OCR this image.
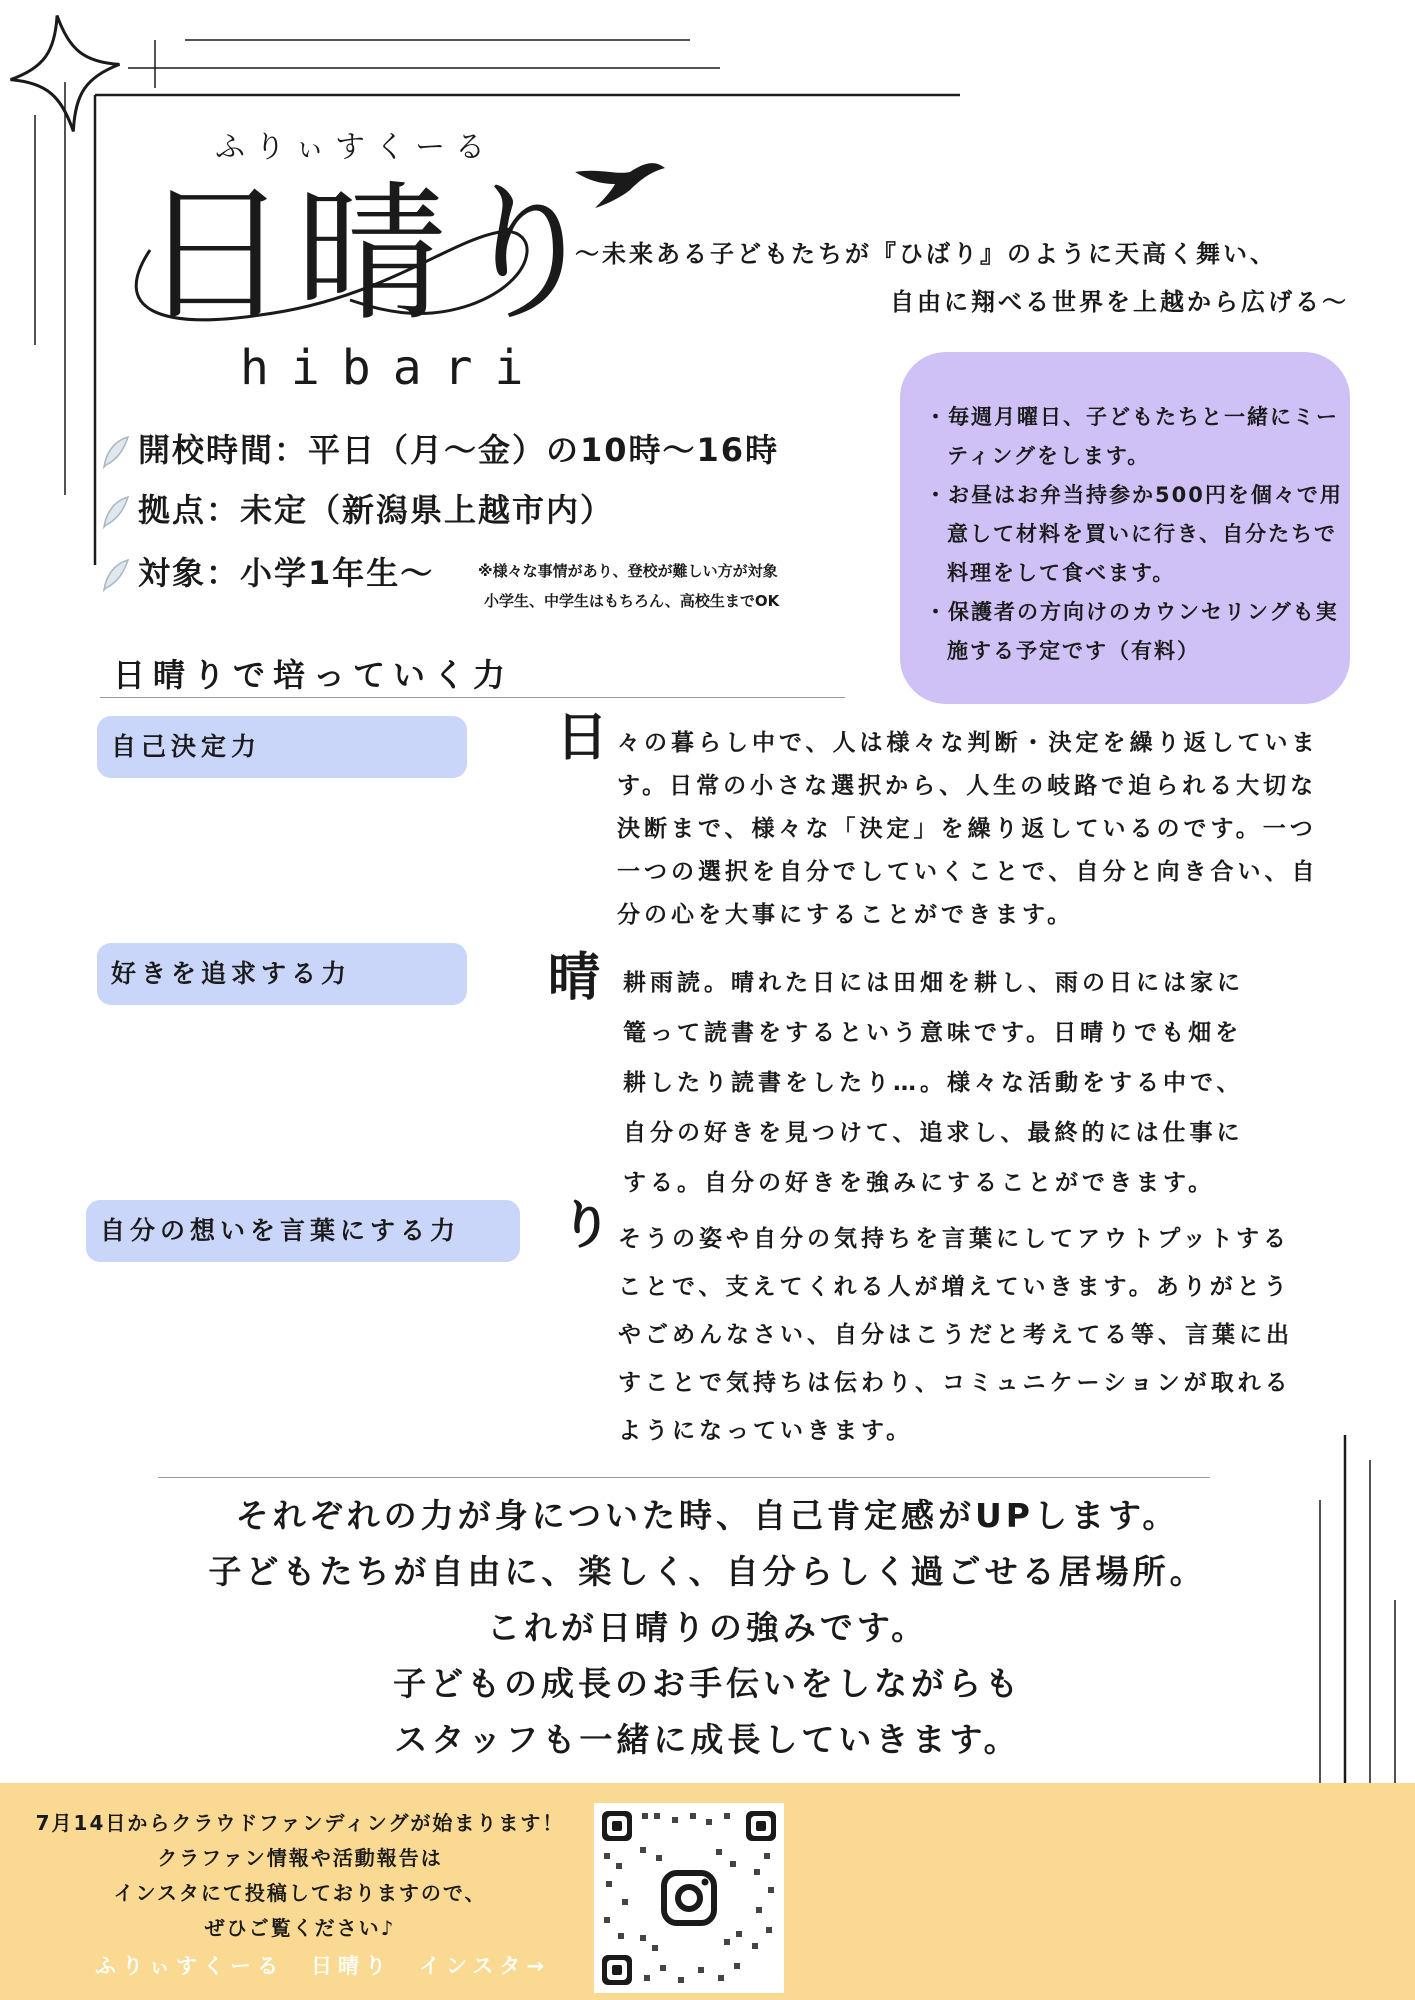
ふりぃすくーる
日晴り
hibari
～未来ある子どもたちが『ひばり』のように天高く舞い、
自由に翔べる世界を上越から広げる～
開校時間：平日（月～金）の10時～16時
拠点：未定（新潟県上越市内）
対象：小学1年生～	※様々な事情があり、登校が難しい方が対象
小学生、中学生はもちろん、高校生までOK
・毎週月曜日、子どもたちと一緒にミーティングをします。
・お昼はお弁当持参か500円を個々で用意して材料を買いに行き、自分たちで料理をして食べます。
・保護者の方向けのカウンセリングも実施する予定です（有料）
日晴りで培っていく力
自己決定力	日 々の暮らし中で、人は様々な判断・決定を繰り返していま
す。日常の小さな選択から、人生の岐路で迫られる大切な
決断まで、様々な「決定」を繰り返しているのです。一つ
一つの選択を自分でしていくことで、自分と向き合い、自
分の心を大事にすることができます。
好きを追求する力	晴 耕雨読。晴れた日には田畑を耕し、雨の日には家に
篭って読書をするという意味です。日晴りでも畑を
耕したり読書をしたり…。様々な活動をする中で、
自分の好きを見つけて、追求し、最終的には仕事に
する。自分の好きを強みにすることができます。
自分の想いを言葉にする力	り そうの姿や自分の気持ちを言葉にしてアウトプットする
ことで、支えてくれる人が増えていきます。ありがとう
やごめんなさい、自分はこうだと考えてる等、言葉に出
すことで気持ちは伝わり、コミュニケーションが取れる
ようになっていきます。
それぞれの力が身についた時、自己肯定感がUPします。
子どもたちが自由に、楽しく、自分らしく過ごせる居場所。
これが日晴りの強みです。
子どもの成長のお手伝いをしながらも
スタッフも一緒に成長していきます。
7月14日からクラウドファンディングが始まります！
クラファン情報や活動報告は
インスタにて投稿しておりますので、
ぜひご覧ください♪
ふりぃすくーる　日晴り　インスタ→
